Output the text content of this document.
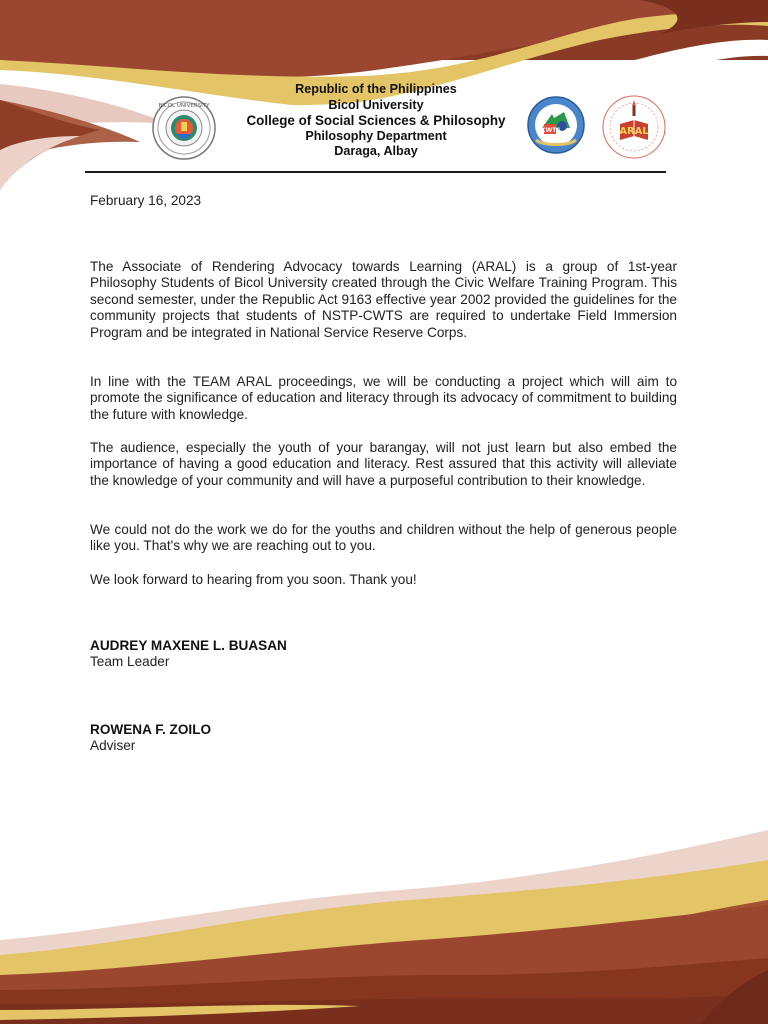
BICOL UNIVERSITY
Republic of the Philippines
Bicol University
College of Social Sciences & Philosophy
Philosophy Department
Daraga, Albay
CWTS	ARAL
February 16, 2023

The Associate of Rendering Advocacy towards Learning (ARAL) is a group of 1st-year Philosophy Students of Bicol University created through the Civic Welfare Training Program. This second semester, under the Republic Act 9163 effective year 2002 provided the guidelines for the community projects that students of NSTP-CWTS are required to undertake Field Immersion Program and be integrated in National Service Reserve Corps.

In line with the TEAM ARAL proceedings, we will be conducting a project which will aim to promote the significance of education and literacy through its advocacy of commitment to building the future with knowledge.

The audience, especially the youth of your barangay, will not just learn but also embed the importance of having a good education and literacy. Rest assured that this activity will alleviate the knowledge of your community and will have a purposeful contribution to their knowledge.

We could not do the work we do for the youths and children without the help of generous people like you. That's why we are reaching out to you.

We look forward to hearing from you soon. Thank you!

AUDREY MAXENE L. BUASAN
Team Leader
ROWENA F. ZOILO
Adviser
